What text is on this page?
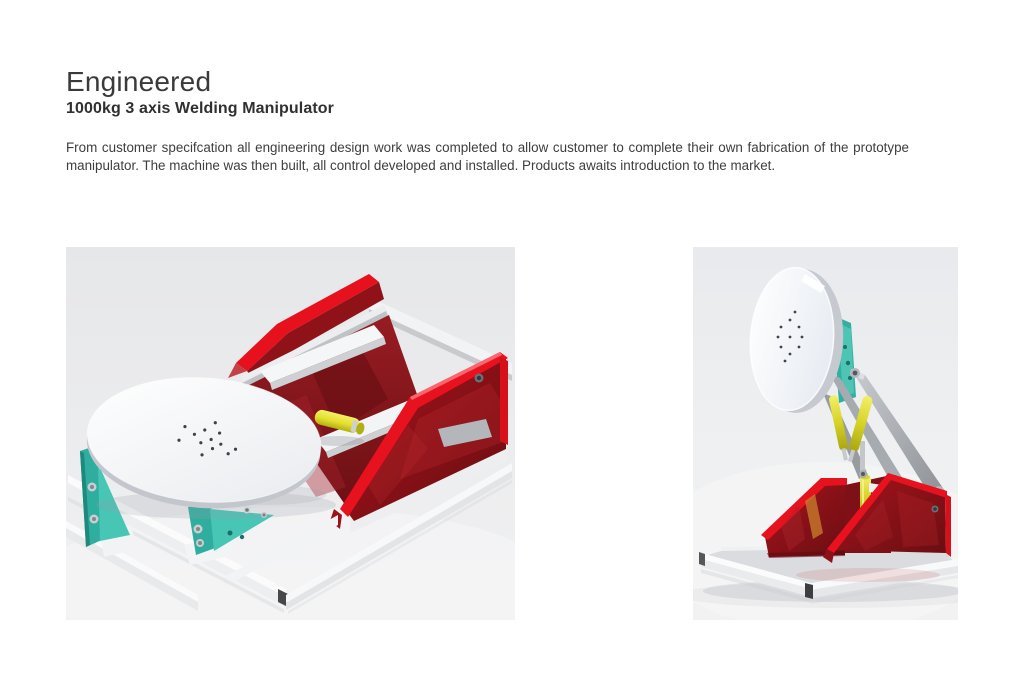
Engineered
1000kg 3 axis Welding Manipulator

From customer specifcation all engineering design work was completed to allow customer to complete their own fabrication of the prototype manipulator. The machine was then built, all control developed and installed. Products awaits introduction to the market.
